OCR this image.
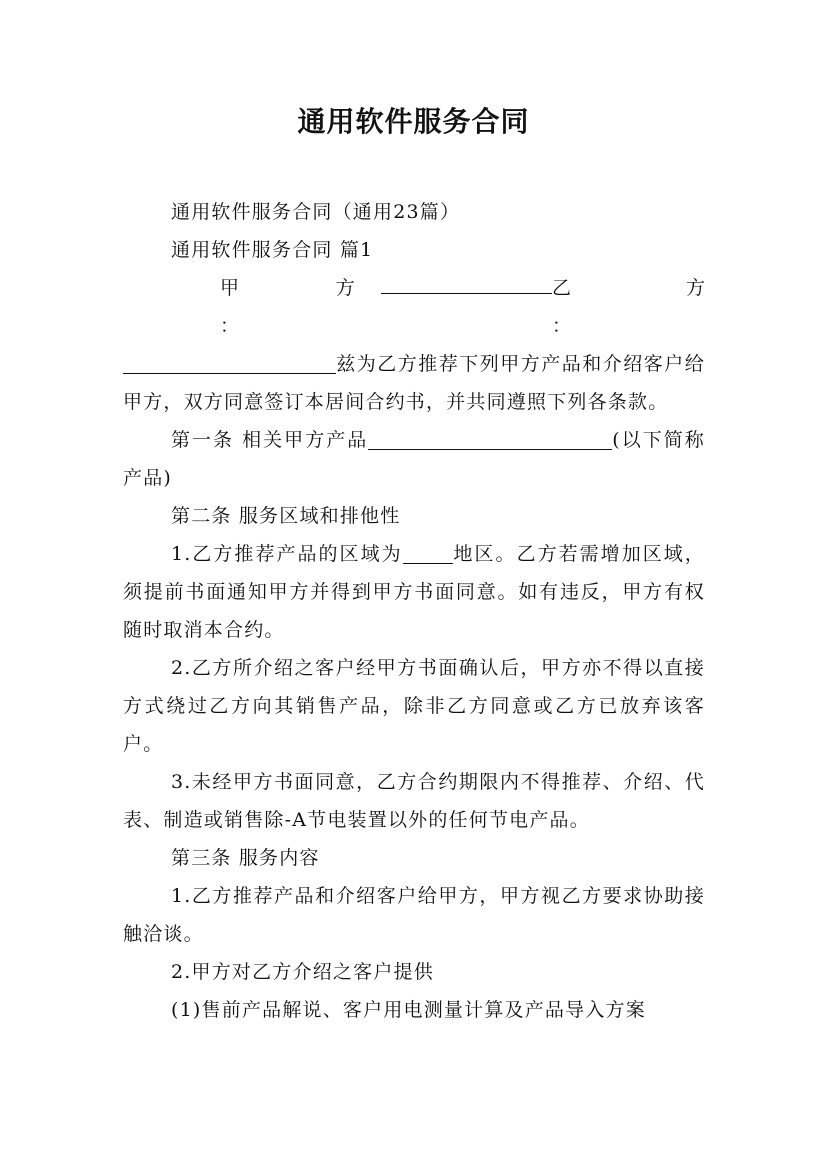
通用软件服务合同

通用软件服务合同（通用23篇）

通用软件服务合同 篇1

甲 方 ：
乙 方 ：

兹为乙方推荐下列甲方产品和介绍客户给甲方，双方同意签订本居间合约书，并共同遵照下列各条款。

第一条 相关甲方产品	(以下简称产品)

第二条 服务区域和排他性

1.乙方推荐产品的区域为	地区。乙方若需增加区域，须提前书面通知甲方并得到甲方书面同意。如有违反，甲方有权随时取消本合约。

2.乙方所介绍之客户经甲方书面确认后，甲方亦不得以直接方式绕过乙方向其销售产品，除非乙方同意或乙方已放弃该客户。

3.未经甲方书面同意，乙方合约期限内不得推荐、介绍、代表、制造或销售除-A节电装置以外的任何节电产品。

第三条 服务内容

1.乙方推荐产品和介绍客户给甲方，甲方视乙方要求协助接触洽谈。

2.甲方对乙方介绍之客户提供

(1)售前产品解说、客户用电测量计算及产品导入方案
